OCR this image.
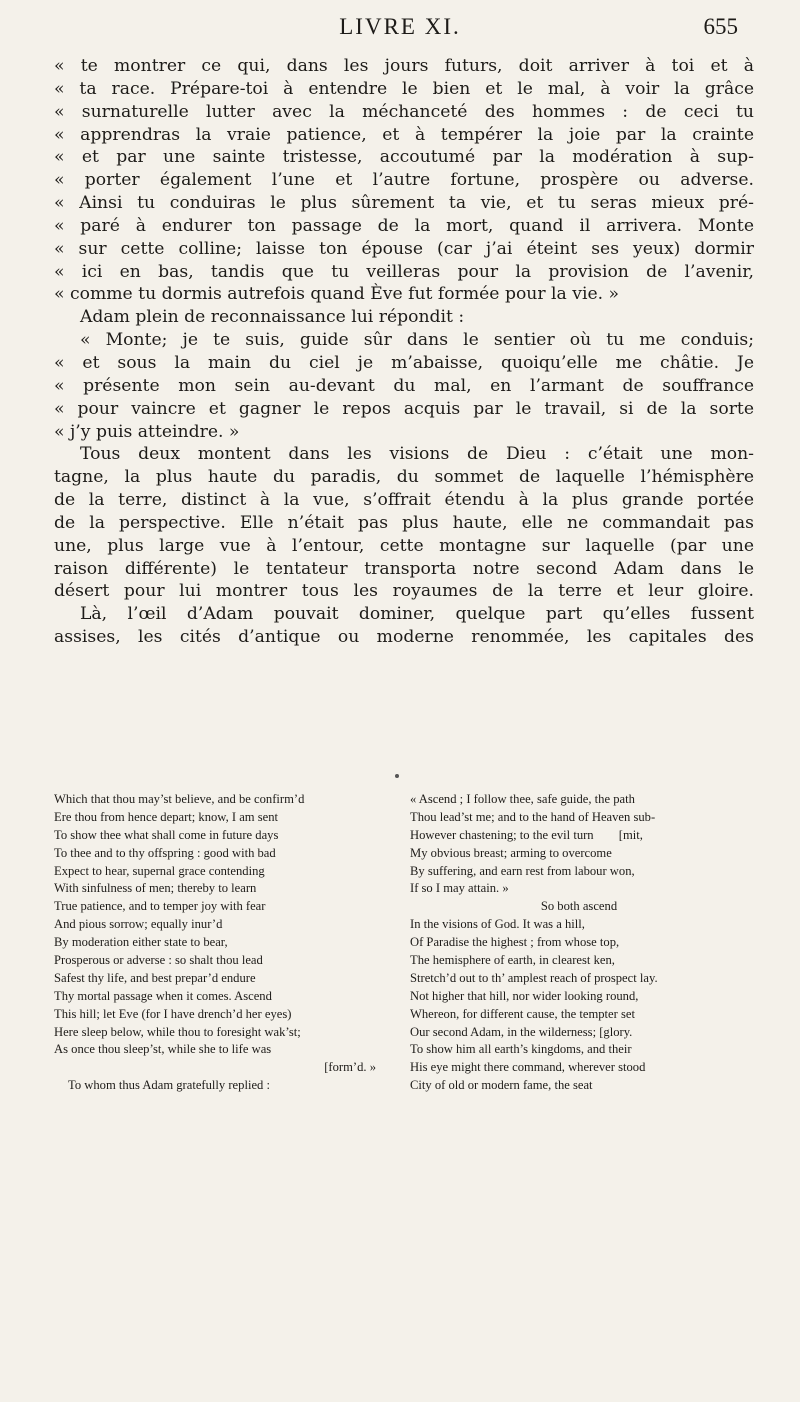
LIVRE XI.	655
« te montrer ce qui, dans les jours futurs, doit arriver à toi et à
« ta race. Prépare-toi à entendre le bien et le mal, à voir la grâce
« surnaturelle lutter avec la méchanceté des hommes : de ceci tu
« apprendras la vraie patience, et à tempérer la joie par la crainte
« et par une sainte tristesse, accoutumé par la modération à sup-
« porter également l’une et l’autre fortune, prospère ou adverse.
« Ainsi tu conduiras le plus sûrement ta vie, et tu seras mieux pré-
« paré à endurer ton passage de la mort, quand il arrivera. Monte
« sur cette colline; laisse ton épouse (car j’ai éteint ses yeux) dormir
« ici en bas, tandis que tu veilleras pour la provision de l’avenir,
« comme tu dormis autrefois quand Ève fut formée pour la vie. »
Adam plein de reconnaissance lui répondit :
« Monte; je te suis, guide sûr dans le sentier où tu me conduis;
« et sous la main du ciel je m’abaisse, quoiqu’elle me châtie. Je
« présente mon sein au-devant du mal, en l’armant de souffrance
« pour vaincre et gagner le repos acquis par le travail, si de la sorte
« j’y puis atteindre. »
Tous deux montent dans les visions de Dieu : c’était une mon-
tagne, la plus haute du paradis, du sommet de laquelle l’hémisphère
de la terre, distinct à la vue, s’offrait étendu à la plus grande portée
de la perspective. Elle n’était pas plus haute, elle ne commandait pas
une, plus large vue à l’entour, cette montagne sur laquelle (par une
raison différente) le tentateur transporta notre second Adam dans le
désert pour lui montrer tous les royaumes de la terre et leur gloire.
Là, l’œil d’Adam pouvait dominer, quelque part qu’elles fussent
assises, les cités d’antique ou moderne renommée, les capitales des
Which that thou may’st believe, and be confirm’d
Ere thou from hence depart; know, I am sent
To show thee what shall come in future days
To thee and to thy offspring : good with bad
Expect to hear, supernal grace contending
With sinfulness of men; thereby to learn
True patience, and to temper joy with fear
And pious sorrow; equally inur’d
By moderation either state to bear,
Prosperous or adverse : so shalt thou lead
Safest thy life, and best prepar’d endure
Thy mortal passage when it comes. Ascend
This hill; let Eve (for I have drench’d her eyes)
Here sleep below, while thou to foresight wak’st;
As once thou sleep’st, while she to life was
[form’d. »
To whom thus Adam gratefully replied :
« Ascend ; I follow thee, safe guide, the path
Thou lead’st me; and to the hand of Heaven sub-
However chastening; to the evil turn        [mit,
My obvious breast; arming to overcome
By suffering, and earn rest from labour won,
If so I may attain. »
So both ascend
In the visions of God. It was a hill,
Of Paradise the highest ; from whose top,
The hemisphere of earth, in clearest ken,
Stretch’d out to th’ amplest reach of prospect lay.
Not higher that hill, nor wider looking round,
Whereon, for different cause, the tempter set
Our second Adam, in the wilderness; [glory.
To show him all earth’s kingdoms, and their
His eye might there command, wherever stood
City of old or modern fame, the seat
